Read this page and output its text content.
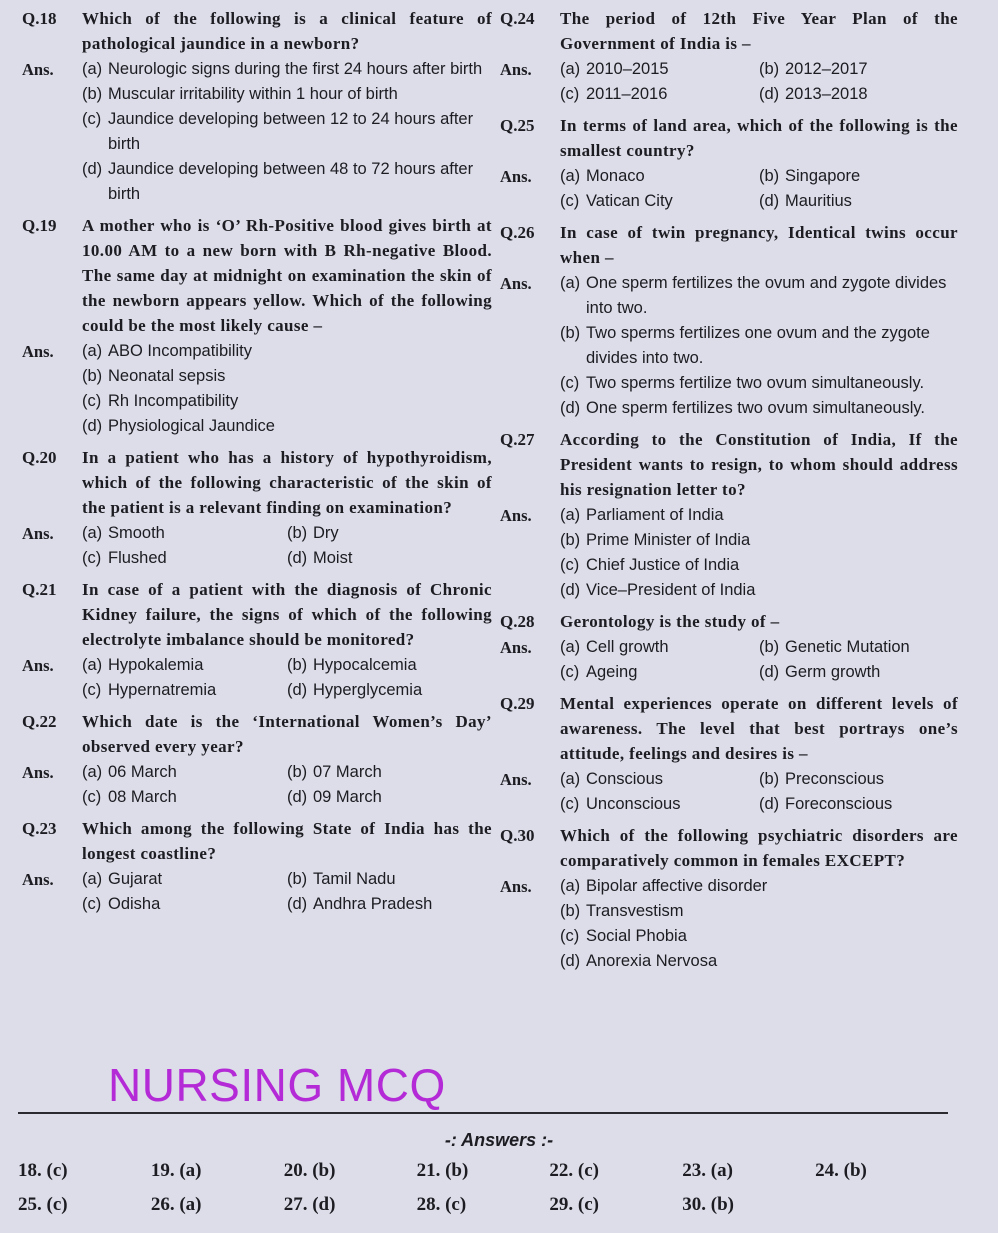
Q.18	Which of the following is a clinical feature of pathological jaundice in a newborn?
Ans.	(a) Neurologic signs during the first 24 hours after birth
(b) Muscular irritability within 1 hour of birth
(c) Jaundice developing between 12 to 24 hours after birth
(d) Jaundice developing between 48 to 72 hours after birth
Q.19	A mother who is ‘O’ Rh-Positive blood gives birth at 10.00 AM to a new born with B Rh-negative Blood. The same day at midnight on examination the skin of the newborn appears yellow. Which of the following could be the most likely cause –
Ans.	(a) ABO Incompatibility
(b) Neonatal sepsis
(c) Rh Incompatibility
(d) Physiological Jaundice
Q.20	In a patient who has a history of hypothyroidism, which of the following characteristic of the skin of the patient is a relevant finding on examination?
Ans.	(a) Smooth	(b) Dry
(c) Flushed	(d) Moist
Q.21	In case of a patient with the diagnosis of Chronic Kidney failure, the signs of which of the following electrolyte imbalance should be monitored?
Ans.	(a) Hypokalemia	(b) Hypocalcemia
(c) Hypernatremia	(d) Hyperglycemia
Q.22	Which date is the ‘International Women’s Day’ observed every year?
Ans.	(a) 06 March	(b) 07 March
(c) 08 March	(d) 09 March
Q.23	Which among the following State of India has the longest coastline?
Ans.	(a) Gujarat	(b) Tamil Nadu
(c) Odisha	(d) Andhra Pradesh
Q.24	The period of 12th Five Year Plan of the Government of India is –
Ans.	(a) 2010–2015	(b) 2012–2017
(c) 2011–2016	(d) 2013–2018
Q.25	In terms of land area, which of the following is the smallest country?
Ans.	(a) Monaco	(b) Singapore
(c) Vatican City	(d) Mauritius
Q.26	In case of twin pregnancy, Identical twins occur when –
Ans.	(a) One sperm fertilizes the ovum and zygote divides into two.
(b) Two sperms fertilizes one ovum and the zygote divides into two.
(c) Two sperms fertilize two ovum simultaneously.
(d) One sperm fertilizes two ovum simultaneously.
Q.27	According to the Constitution of India, If the President wants to resign, to whom should address his resignation letter to?
Ans.	(a) Parliament of India
(b) Prime Minister of India
(c) Chief Justice of India
(d) Vice–President of India
Q.28	Gerontology is the study of –
Ans.	(a) Cell growth	(b) Genetic Mutation
(c) Ageing	(d) Germ growth
Q.29	Mental experiences operate on different levels of awareness. The level that best portrays one’s attitude, feelings and desires is –
Ans.	(a) Conscious	(b) Preconscious
(c) Unconscious	(d) Foreconscious
Q.30	Which of the following psychiatric disorders are comparatively common in females EXCEPT?
Ans.	(a) Bipolar affective disorder
(b) Transvestism
(c) Social Phobia
(d) Anorexia Nervosa
NURSING MCQ
-: Answers :-
18. (c)	19. (a)	20. (b)	21. (b)	22. (c)	23. (a)	24. (b)
25. (c)	26. (a)	27. (d)	28. (c)	29. (c)	30. (b)
